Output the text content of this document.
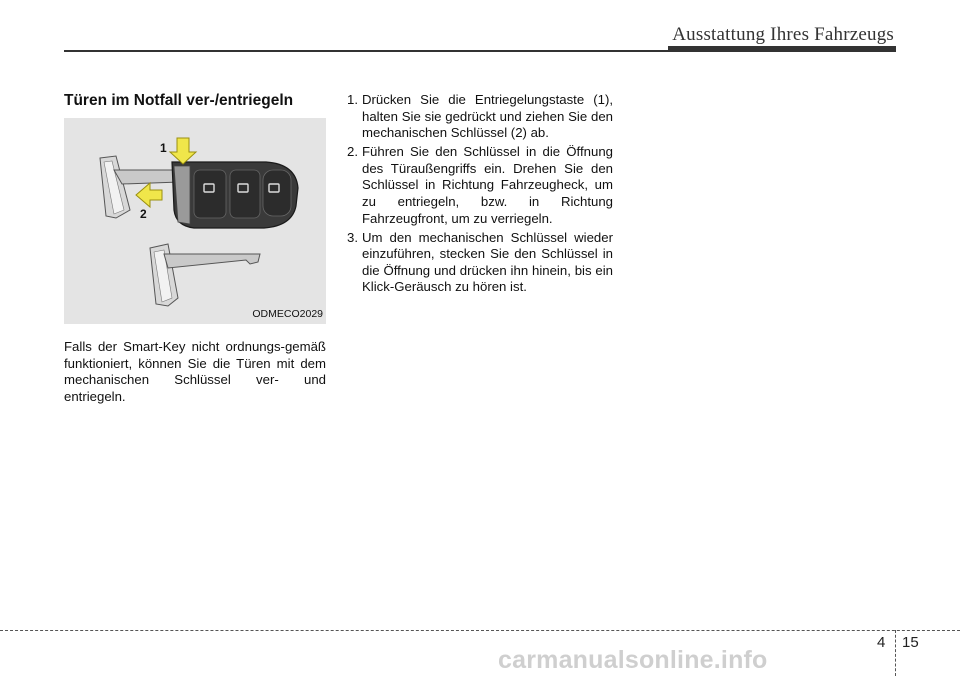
Ausstattung Ihres Fahrzeugs
Türen im Notfall ver-/entriegeln
1
2
ODMECO2029

Falls der Smart-Key nicht ordnungs-gemäß funktioniert, können Sie die Türen mit dem mechanischen Schlüssel ver- und entriegeln.

1. Drücken Sie die Entriegelungstaste (1), halten Sie sie gedrückt und ziehen Sie den mechanischen Schlüssel (2) ab.
2. Führen Sie den Schlüssel in die Öffnung des Türaußengriffs ein. Drehen Sie den Schlüssel in Richtung Fahrzeugheck, um zu entriegeln, bzw. in Richtung Fahrzeugfront, um zu verriegeln.
3. Um den mechanischen Schlüssel wieder einzuführen, stecken Sie den Schlüssel in die Öffnung und drücken ihn hinein, bis ein Klick-Geräusch zu hören ist.
4 15
carmanualsonline.info
